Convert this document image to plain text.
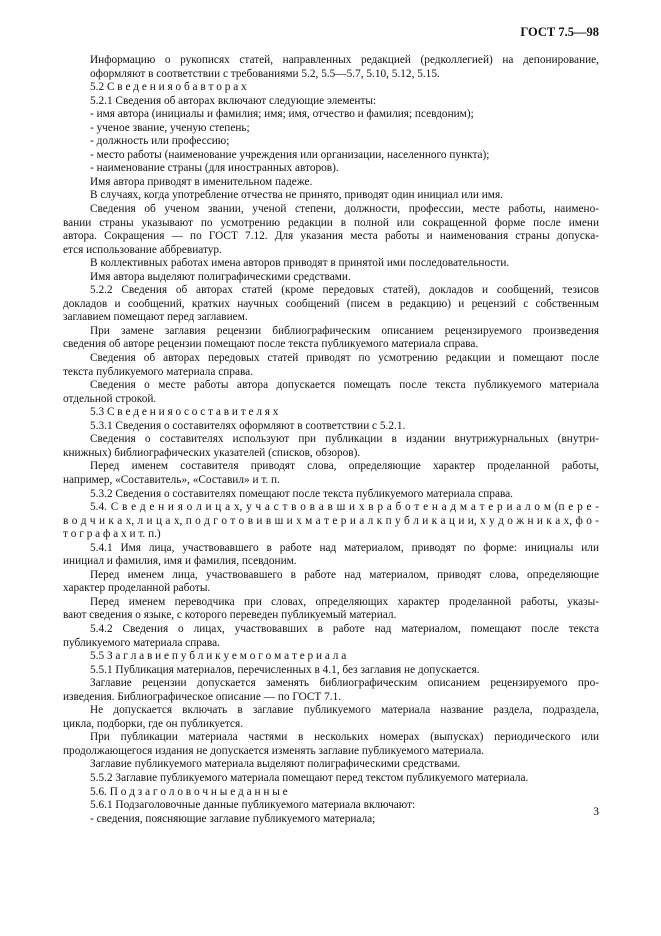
ГОСТ 7.5—98
Информацию о рукописях статей, направленных редакцией (редколлегией) на депонирование,
оформляют в соответствии с требованиями 5.2, 5.5—5.7, 5.10, 5.12, 5.15.
5.2 С в е д е н и я о б а в т о р а х
5.2.1 Сведения об авторах включают следующие элементы:
- имя автора (инициалы и фамилия; имя; имя, отчество и фамилия; псевдоним);
- ученое звание, ученую степень;
- должность или профессию;
- место работы (наименование учреждения или организации, населенного пункта);
- наименование страны (для иностранных авторов).
Имя автора приводят в именительном падеже.
В случаях, когда употребление отчества не принято, приводят один инициал или имя.
Сведения об ученом звании, ученой степени, должности, профессии, месте работы, наимено-
вании страны указывают по усмотрению редакции в полной или сокращенной форме после имени
автора. Сокращения — по ГОСТ 7.12. Для указания места работы и наименования страны допуска-
ется использование аббревиатур.
В коллективных работах имена авторов приводят в принятой ими последовательности.
Имя автора выделяют полиграфическими средствами.
5.2.2 Сведения об авторах статей (кроме передовых статей), докладов и сообщений, тезисов
докладов и сообщений, кратких научных сообщений (писем в редакцию) и рецензий с собственным
заглавием помещают перед заглавием.
При замене заглавия рецензии библиографическим описанием рецензируемого произведения
сведения об авторе рецензии помещают после текста публикуемого материала справа.
Сведения об авторах передовых статей приводят по усмотрению редакции и помещают после
текста публикуемого материала справа.
Сведения о месте работы автора допускается помещать после текста публикуемого материала
отдельной строкой.
5.3 С в е д е н и я о с о с т а в и т е л я х
5.3.1 Сведения о составителях оформляют в соответствии с 5.2.1.
Сведения о составителях используют при публикации в издании внутрижурнальных (внутри-
книжных) библиографических указателей (списков, обзоров).
Перед именем составителя приводят слова, определяющие характер проделанной работы,
например, «Составитель», «Составил» и т. п.
5.3.2 Сведения о составителях помещают после текста публикуемого материала справа.
5.4. С в е д е н и я о л и ц а х, у ч а с т в о в а в ш и х в р а б о т е н а д м а т е р и а л о м (п е р е -
в о д ч и к а х, л и ц а х, п о д г о т о в и в ш и х м а т е р и а л к п у б л и к а ц и и, х у д о ж н и к а х, ф о -
т о г р а ф а х и т. п.)
5.4.1 Имя лица, участвовавшего в работе над материалом, приводят по форме: инициалы или
инициал и фамилия, имя и фамилия, псевдоним.
Перед именем лица, участвовавшего в работе над материалом, приводят слова, определяющие
характер проделанной работы.
Перед именем переводчика при словах, определяющих характер проделанной работы, указы-
вают сведения о языке, с которого переведен публикуемый материал.
5.4.2 Сведения о лицах, участвовавших в работе над материалом, помещают после текста
публикуемого материала справа.
5.5 З а г л а в и е п у б л и к у е м о г о м а т е р и а л а
5.5.1 Публикация материалов, перечисленных в 4.1, без заглавия не допускается.
Заглавие рецензии допускается заменять библиографическим описанием рецензируемого про-
изведения. Библиографическое описание — по ГОСТ 7.1.
Не допускается включать в заглавие публикуемого материала название раздела, подраздела,
цикла, подборки, где он публикуется.
При публикации материала частями в нескольких номерах (выпусках) периодического или
продолжающегося издания не допускается изменять заглавие публикуемого материала.
Заглавие публикуемого материала выделяют полиграфическими средствами.
5.5.2 Заглавие публикуемого материала помещают перед текстом публикуемого материала.
5.6. П о д з а г о л о в о ч н ы е д а н н ы е
5.6.1 Подзаголовочные данные публикуемого материала включают:
- сведения, поясняющие заглавие публикуемого материала;
3
